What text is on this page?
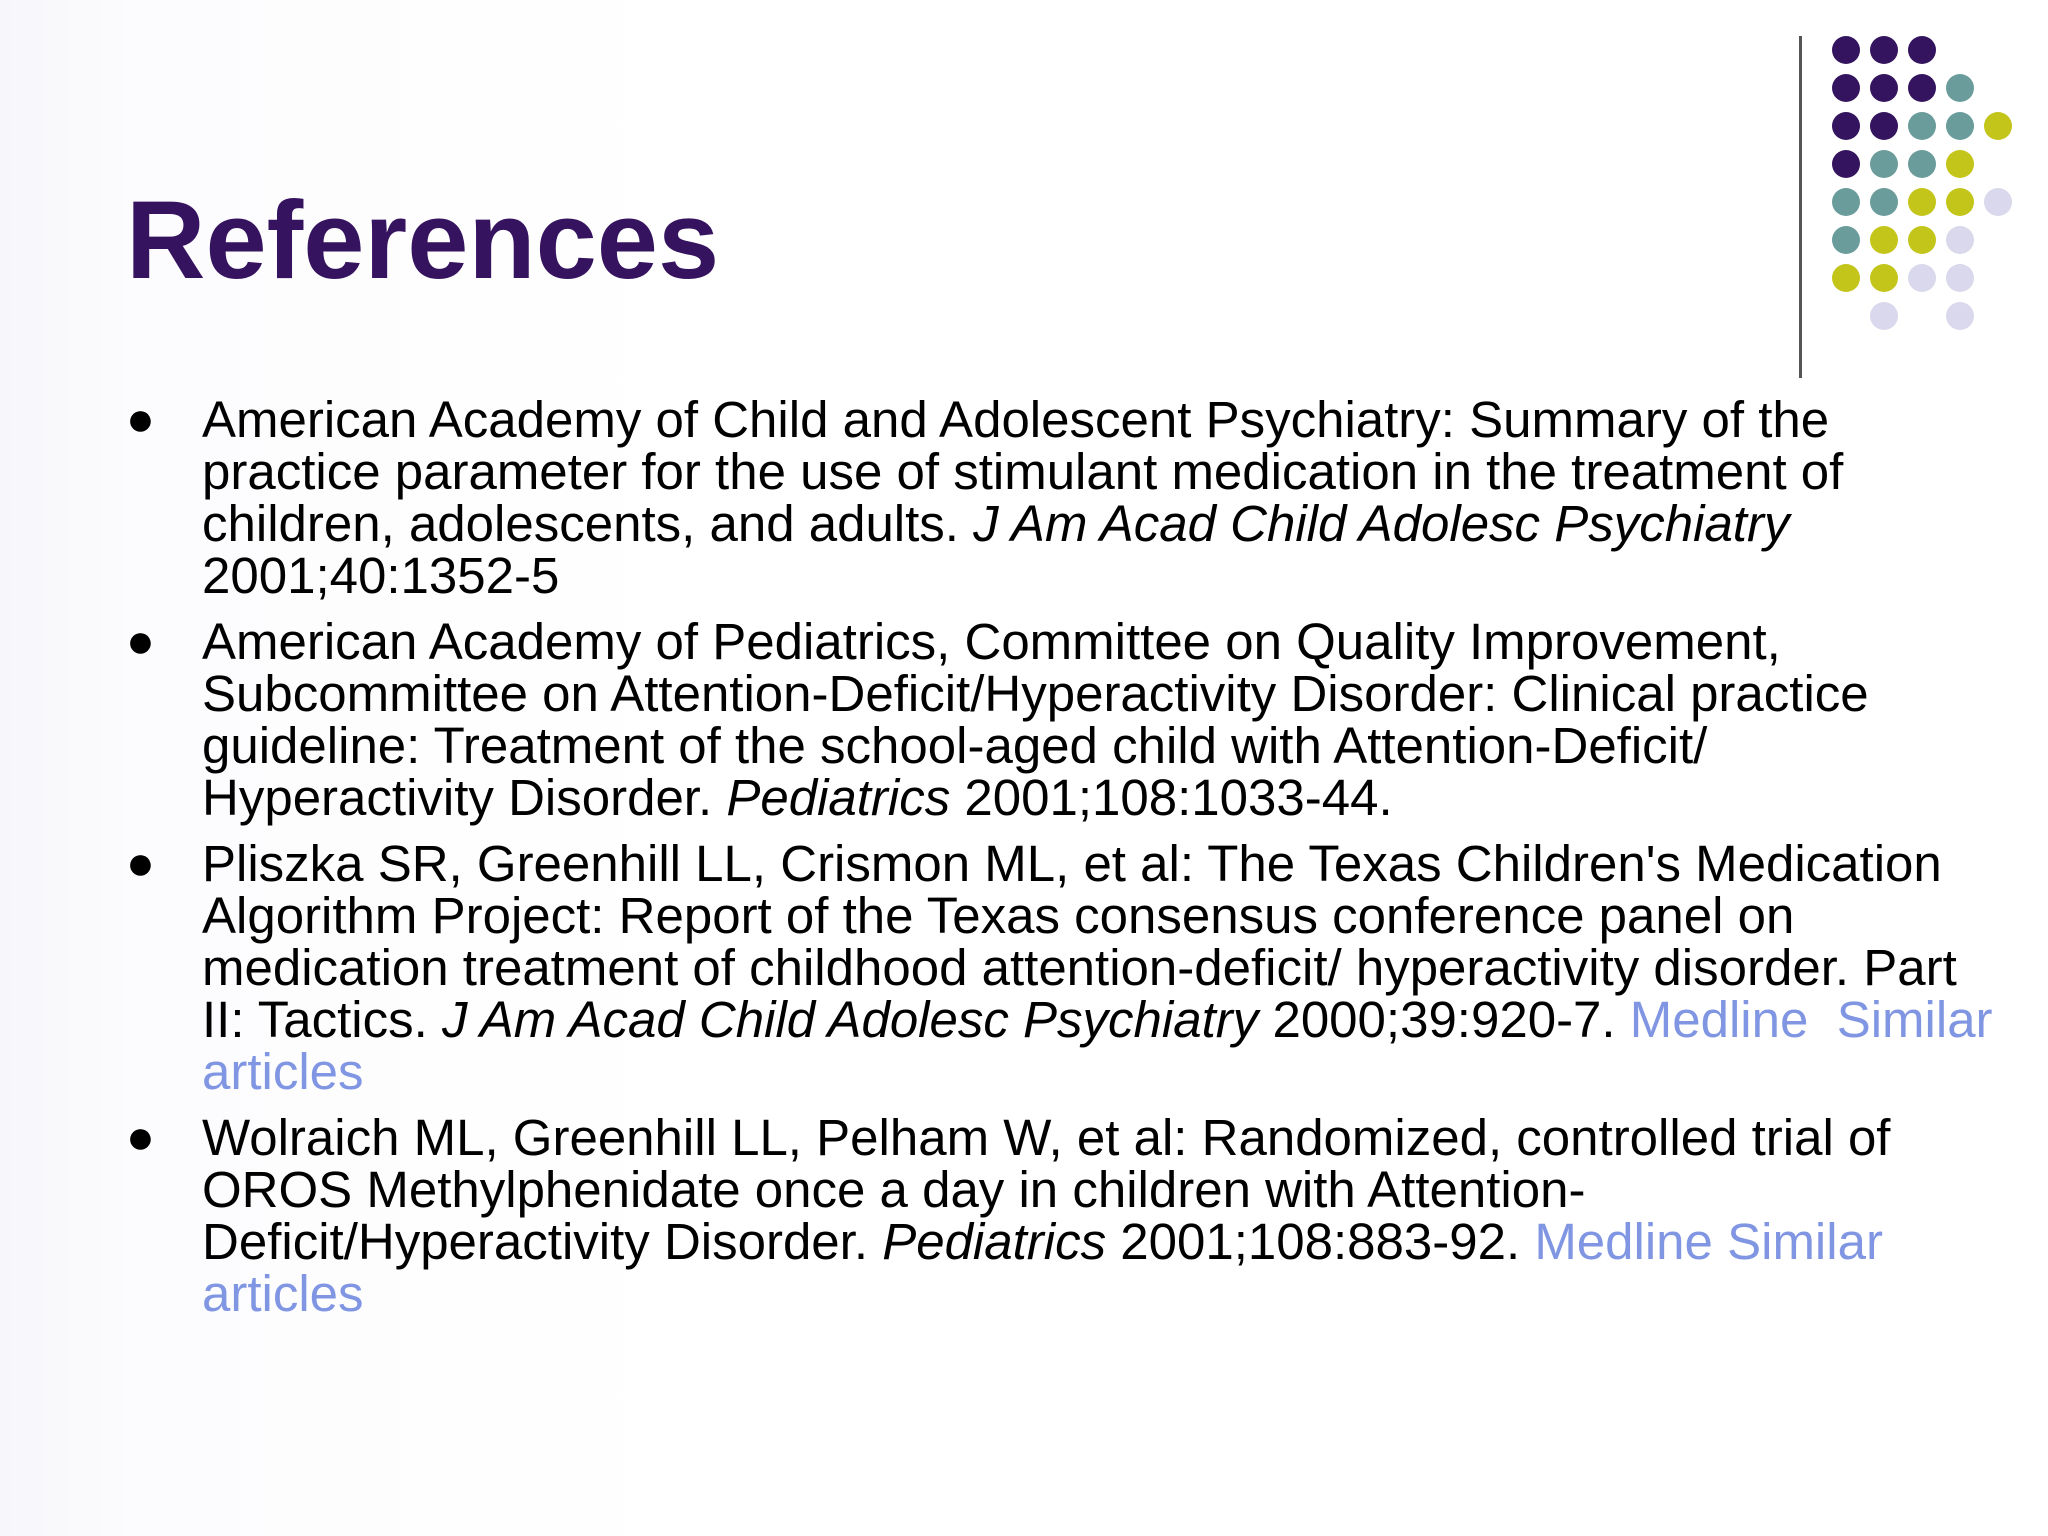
References
● American Academy of Child and Adolescent Psychiatry: Summary of the practice parameter for the use of stimulant medication in the treatment of children, adolescents, and adults. J Am Acad Child Adolesc Psychiatry 2001;40:1352-5
● American Academy of Pediatrics, Committee on Quality Improvement, Subcommittee on Attention-Deficit/Hyperactivity Disorder: Clinical practice guideline: Treatment of the school-aged child with Attention-Deficit/ Hyperactivity Disorder. Pediatrics 2001;108:1033-44.
● Pliszka SR, Greenhill LL, Crismon ML, et al: The Texas Children's Medication Algorithm Project: Report of the Texas consensus conference panel on medication treatment of childhood attention-deficit/ hyperactivity disorder. Part II: Tactics. J Am Acad Child Adolesc Psychiatry 2000;39:920-7. Medline Similar articles
● Wolraich ML, Greenhill LL, Pelham W, et al: Randomized, controlled trial of OROS Methylphenidate once a day in children with Attention-Deficit/Hyperactivity Disorder. Pediatrics 2001;108:883-92. Medline Similar articles
